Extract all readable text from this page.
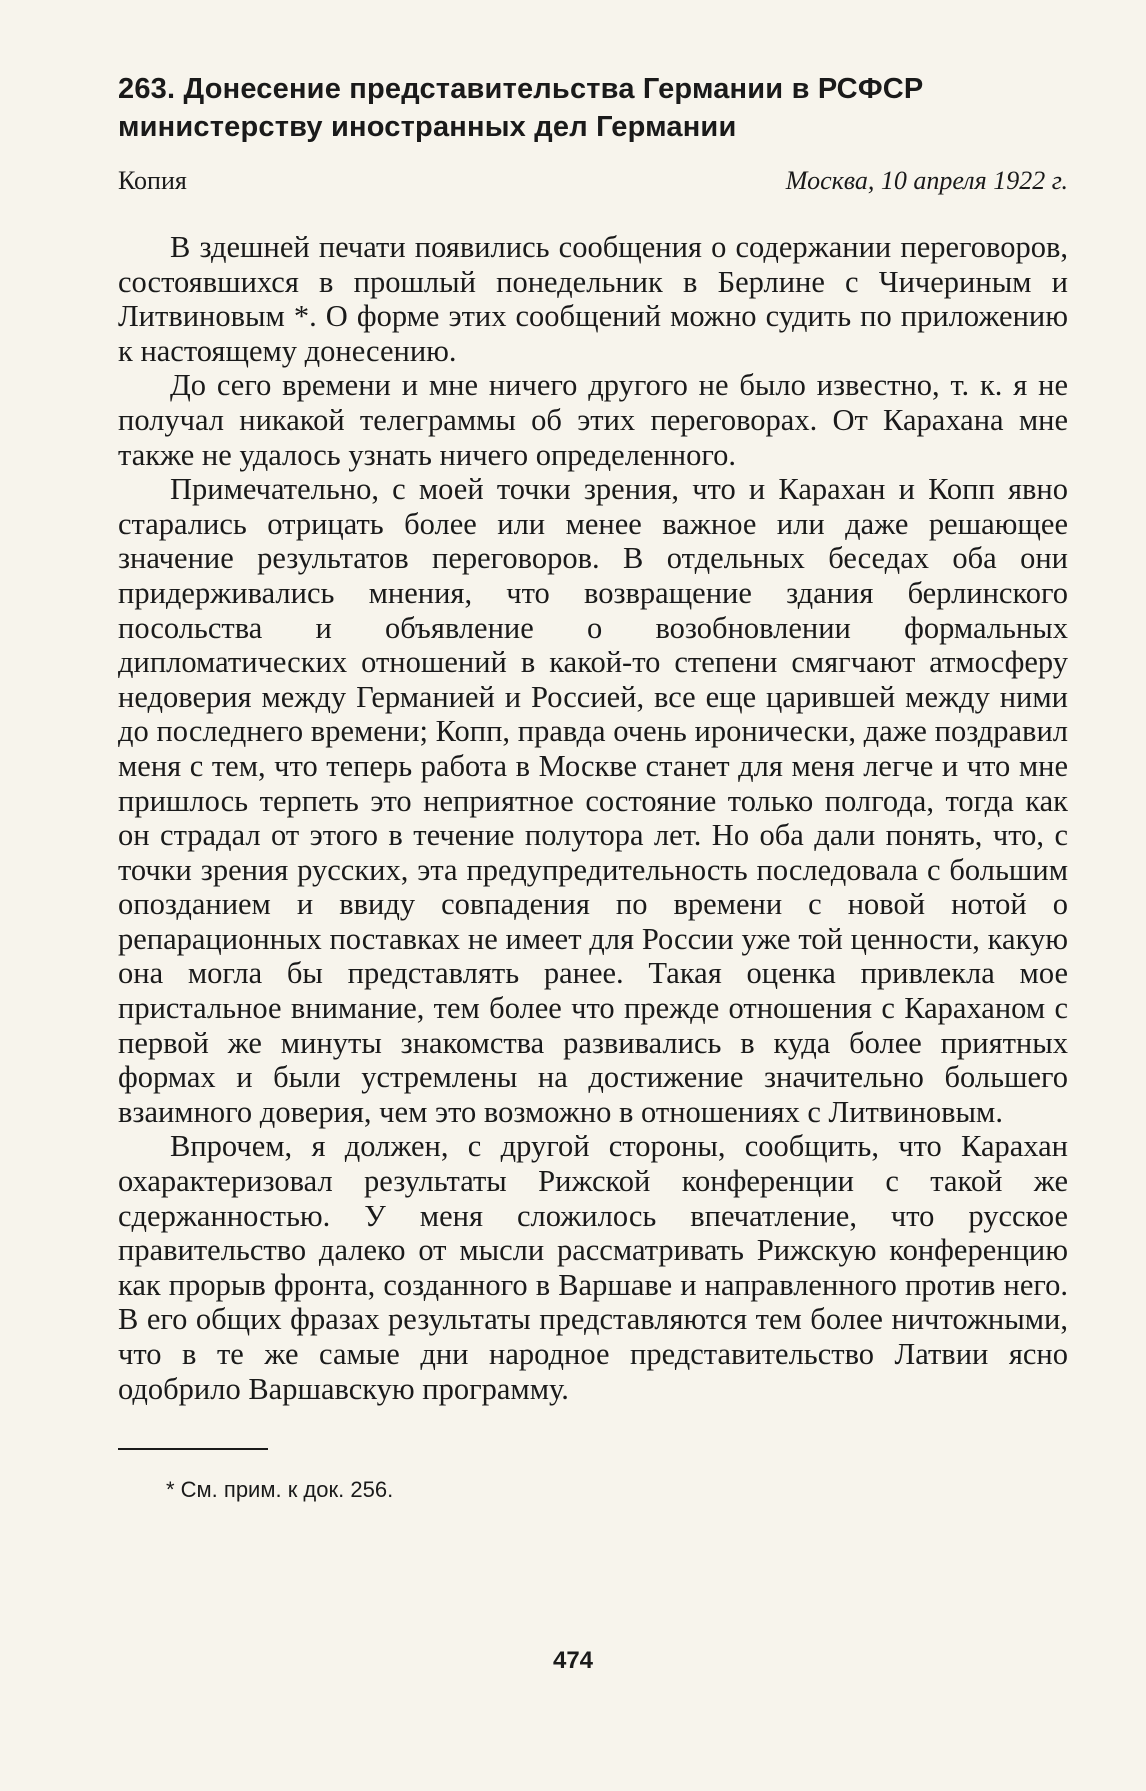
263. Донесение представительства Германии в РСФСР министерству иностранных дел Германии
Копия	Москва, 10 апреля 1922 г.

В здешней печати появились сообщения о содержании переговоров, состоявшихся в прошлый понедельник в Берлине с Чичериным и Литвиновым *. О форме этих сообщений можно судить по приложению к настоящему донесению.

До сего времени и мне ничего другого не было известно, т. к. я не получал никакой телеграммы об этих переговорах. От Карахана мне также не удалось узнать ничего определенного.

Примечательно, с моей точки зрения, что и Карахан и Копп явно старались отрицать более или менее важное или даже решающее значение результатов переговоров. В отдельных беседах оба они придерживались мнения, что возвращение здания берлинского посольства и объявление о возобновлении формальных дипломатических отношений в какой-то степени смягчают атмосферу недоверия между Германией и Россией, все еще царившей между ними до последнего времени; Копп, правда очень иронически, даже поздравил меня с тем, что теперь работа в Москве станет для меня легче и что мне пришлось терпеть это неприятное состояние только полгода, тогда как он страдал от этого в течение полутора лет. Но оба дали понять, что, с точки зрения русских, эта предупредительность последовала с большим опозданием и ввиду совпадения по времени с новой нотой о репарационных поставках не имеет для России уже той ценности, какую она могла бы представлять ранее. Такая оценка привлекла мое пристальное внимание, тем более что прежде отношения с Караханом с первой же минуты знакомства развивались в куда более приятных формах и были устремлены на достижение значительно большего взаимного доверия, чем это возможно в отношениях с Литвиновым.

Впрочем, я должен, с другой стороны, сообщить, что Карахан охарактеризовал результаты Рижской конференции с такой же сдержанностью. У меня сложилось впечатление, что русское правительство далеко от мысли рассматривать Рижскую конференцию как прорыв фронта, созданного в Варшаве и направленного против него. В его общих фразах результаты представляются тем более ничтожными, что в те же самые дни народное представительство Латвии ясно одобрило Варшавскую программу.

* См. прим. к док. 256.
474
